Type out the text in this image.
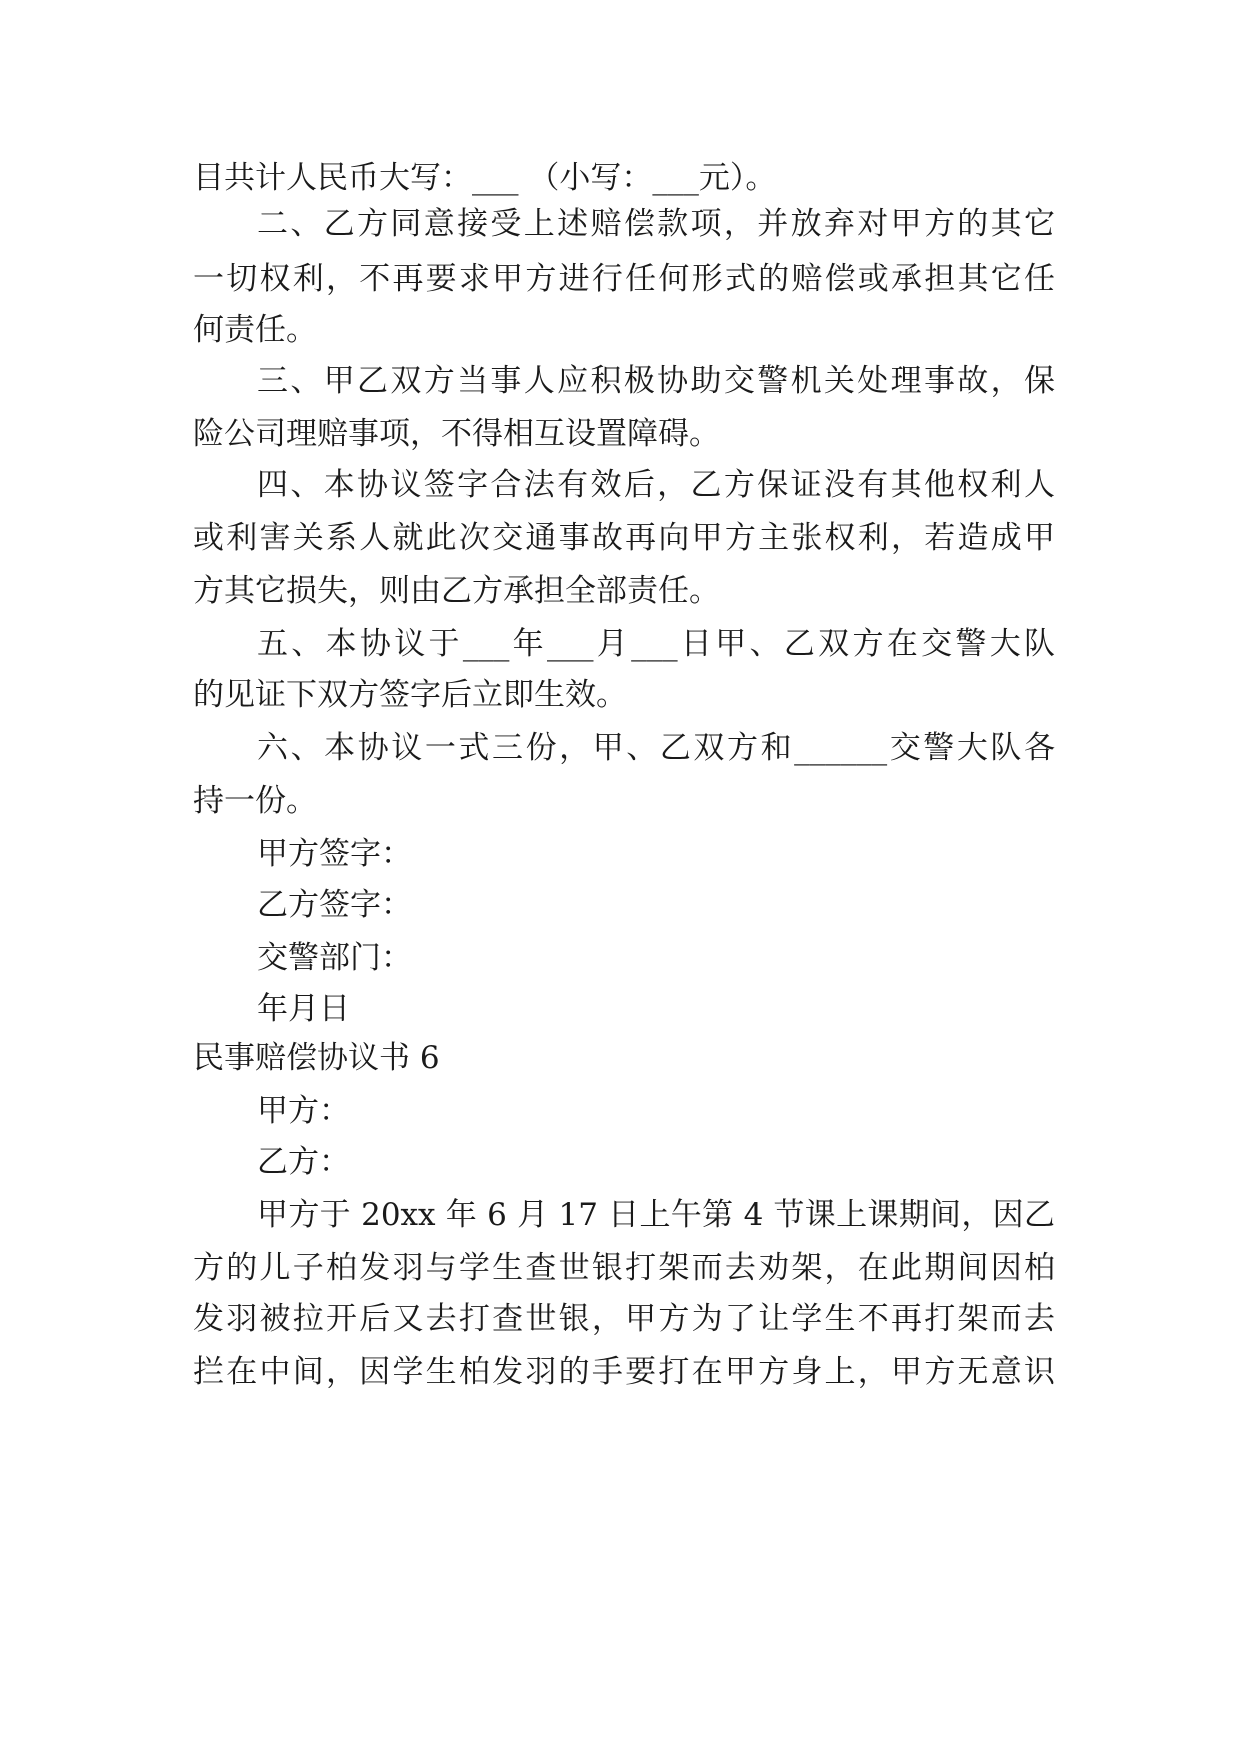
目共计人民币大写：___ （小写：___元）。
二、乙方同意接受上述赔偿款项，并放弃对甲方的其它
一切权利，不再要求甲方进行任何形式的赔偿或承担其它任
何责任。
三、甲乙双方当事人应积极协助交警机关处理事故，保
险公司理赔事项，不得相互设置障碍。
四、本协议签字合法有效后，乙方保证没有其他权利人
或利害关系人就此次交通事故再向甲方主张权利，若造成甲
方其它损失，则由乙方承担全部责任。
五、本协议于___年___月___日甲、乙双方在交警大队
的见证下双方签字后立即生效。
六、本协议一式三份，甲、乙双方和______交警大队各
持一份。
甲方签字：
乙方签字：
交警部门：
年月日
民事赔偿协议书 6
甲方：
乙方：
甲方于 20xx 年 6 月 17 日上午第 4 节课上课期间，因乙
方的儿子柏发羽与学生查世银打架而去劝架，在此期间因柏
发羽被拉开后又去打查世银，甲方为了让学生不再打架而去
拦在中间，因学生柏发羽的手要打在甲方身上，甲方无意识
